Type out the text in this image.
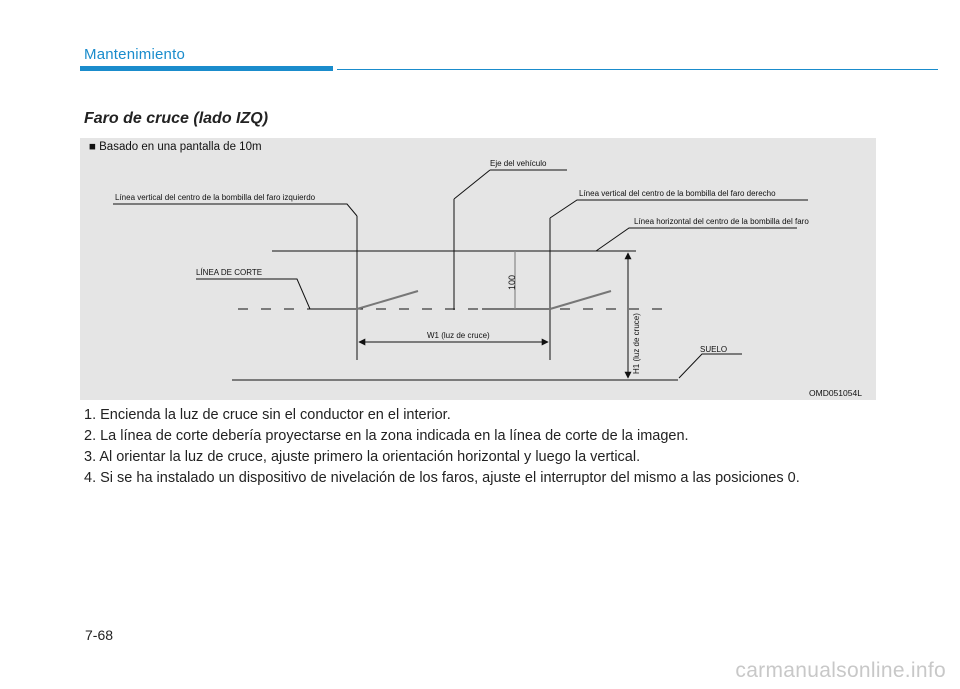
Mantenimiento
Faro de cruce (lado IZQ)
■ Basado en una pantalla de 10m
Eje del vehículo
Línea vertical del centro de la bombilla del faro izquierdo	Línea vertical del centro de la bombilla del faro derecho
Línea horizontal del centro de la bombilla del faro
LÍNEA DE CORTE
W1 (luz de cruce)
SUELO
OMD051054L
100
H1 (luz de cruce)
1. Encienda la luz de cruce sin el conductor en el interior.
2. La línea de corte debería proyectarse en la zona indicada en la línea de corte de la imagen.
3. Al orientar la luz de cruce, ajuste primero la orientación horizontal y luego la vertical.
4. Si se ha instalado un dispositivo de nivelación de los faros, ajuste el interruptor del mismo a las posiciones 0.
7-68
carmanualsonline.info
